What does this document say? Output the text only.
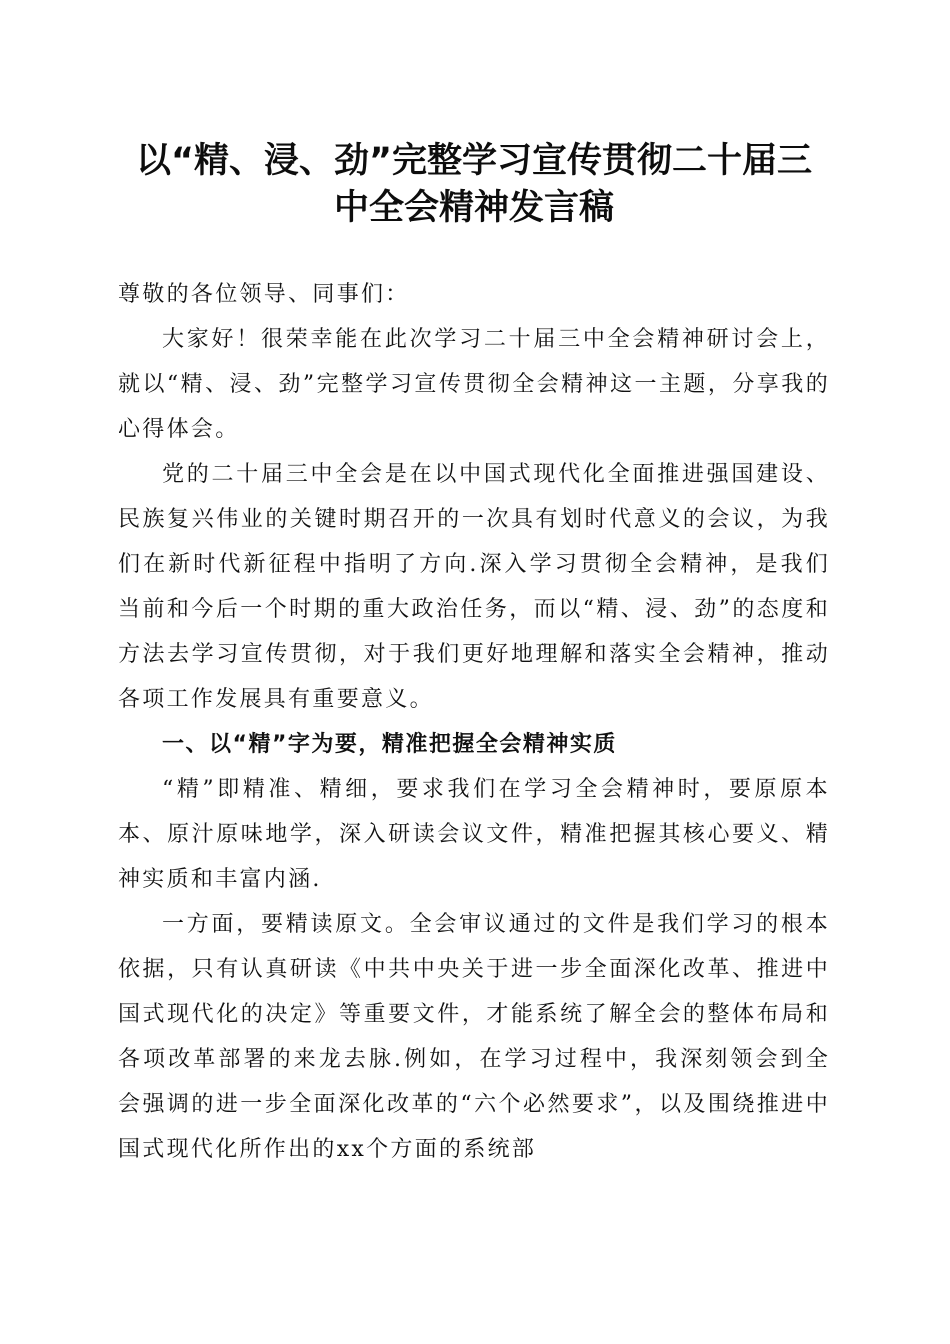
以“精、浸、劲”完整学习宣传贯彻二十届三
中全会精神发言稿

尊敬的各位领导、同事们：

大家好！很荣幸能在此次学习二十届三中全会精神研讨会上，就以“精、浸、劲”完整学习宣传贯彻全会精神这一主题，分享我的心得体会。

党的二十届三中全会是在以中国式现代化全面推进强国建设、民族复兴伟业的关键时期召开的一次具有划时代意义的会议，为我们在新时代新征程中指明了方向.深入学习贯彻全会精神，是我们当前和今后一个时期的重大政治任务，而以“精、浸、劲”的态度和方法去学习宣传贯彻，对于我们更好地理解和落实全会精神，推动各项工作发展具有重要意义。

一、以“精”字为要，精准把握全会精神实质

“精”即精准、精细，要求我们在学习全会精神时，要原原本本、原汁原味地学，深入研读会议文件，精准把握其核心要义、精神实质和丰富内涵.

一方面，要精读原文。全会审议通过的文件是我们学习的根本依据，只有认真研读《中共中央关于进一步全面深化改革、推进中国式现代化的决定》等重要文件，才能系统了解全会的整体布局和各项改革部署的来龙去脉.例如，在学习过程中，我深刻领会到全会强调的进一步全面深化改革的“六个必然要求”，以及围绕推进中国式现代化所作出的xx个方面的系统部
